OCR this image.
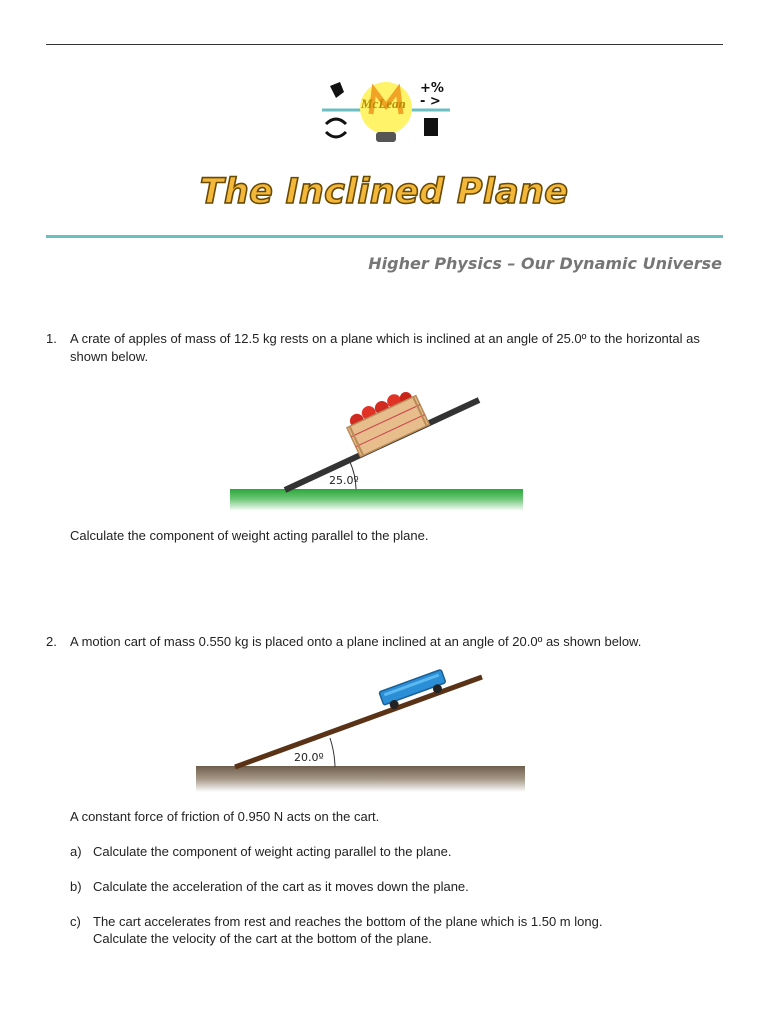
McLean
+%
- >
The Inclined Plane
Higher Physics – Our Dynamic Universe
1. A crate of apples of mass of 12.5 kg rests on a plane which is inclined at an angle of 25.0º to the horizontal as shown below.
25.0º
Calculate the component of weight acting parallel to the plane.
2. A motion cart of mass 0.550 kg is placed onto a plane inclined at an angle of 20.0º as shown below.
20.0º
A constant force of friction of 0.950 N acts on the cart.
a) Calculate the component of weight acting parallel to the plane.
b) Calculate the acceleration of the cart as it moves down the plane.
c) The cart accelerates from rest and reaches the bottom of the plane which is 1.50 m long.
Calculate the velocity of the cart at the bottom of the plane.
